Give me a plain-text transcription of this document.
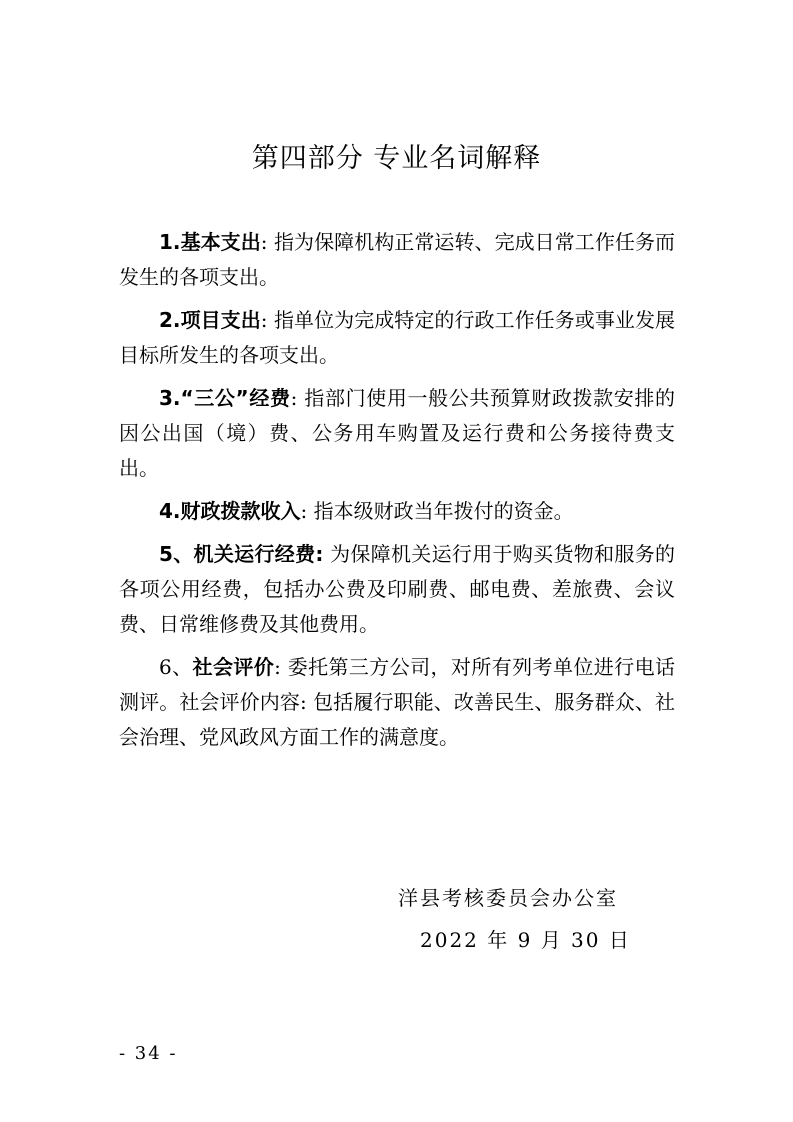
第四部分 专业名词解释

1.基本支出: 指为保障机构正常运转、完成日常工作任务而发生的各项支出。

2.项目支出: 指单位为完成特定的行政工作任务或事业发展目标所发生的各项支出。

3.“三公”经费: 指部门使用一般公共预算财政拨款安排的因公出国（境）费、公务用车购置及运行费和公务接待费支出。

4.财政拨款收入: 指本级财政当年拨付的资金。

5、机关运行经费: 为保障机关运行用于购买货物和服务的各项公用经费，包括办公费及印刷费、邮电费、差旅费、会议费、日常维修费及其他费用。

6、社会评价: 委托第三方公司，对所有列考单位进行电话测评。社会评价内容: 包括履行职能、改善民生、服务群众、社会治理、党风政风方面工作的满意度。

洋县考核委员会办公室
2022 年 9 月 30 日
- 34 -
